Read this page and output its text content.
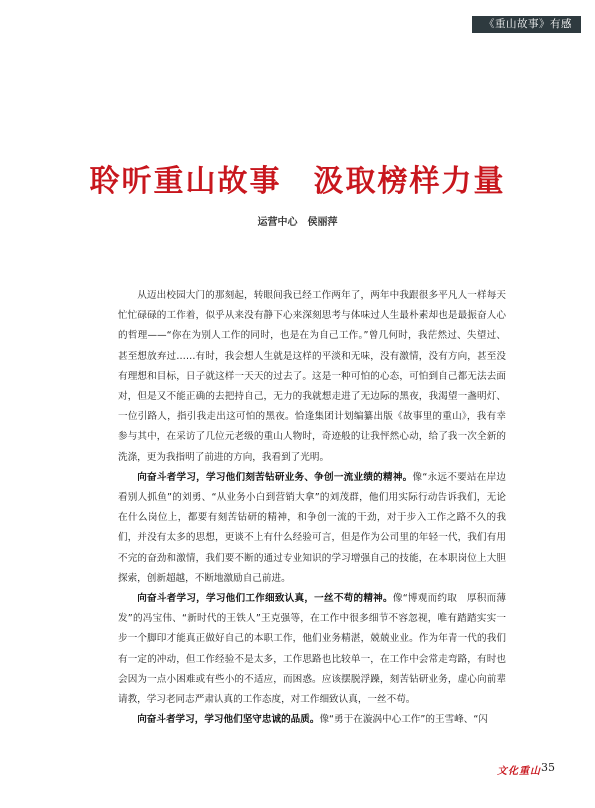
《重山故事》有感
聆听重山故事　汲取榜样力量
运营中心　侯丽萍

从迈出校园大门的那刻起，转眼间我已经工作两年了，两年中我跟很多平凡人一样每天忙忙碌碌的工作着，似乎从来没有静下心来深刻思考与体味过人生最朴素却也是最振奋人心的哲理——“你在为别人工作的同时，也是在为自己工作。”曾几何时，我茫然过、失望过、甚至想放弃过……有时，我会想人生就是这样的平淡和无味，没有激情，没有方向，甚至没有理想和目标，日子就这样一天天的过去了。这是一种可怕的心态，可怕到自己都无法去面对，但是又不能正确的去把持自己，无力的我就想走进了无边际的黑夜，我渴望一盏明灯、一位引路人，指引我走出这可怕的黑夜。恰逢集团计划编纂出版《故事里的重山》，我有幸参与其中，在采访了几位元老级的重山人物时，奇迹般的让我怦然心动，给了我一次全新的洗涤，更为我指明了前进的方向，我看到了光明。

向奋斗者学习，学习他们刻苦钻研业务、争创一流业绩的精神。像“永远不要站在岸边看别人抓鱼”的刘勇、“从业务小白到营销大拿”的刘茂群，他们用实际行动告诉我们，无论在什么岗位上，都要有刻苦钻研的精神，和争创一流的干劲，对于步入工作之路不久的我们，并没有太多的思想，更谈不上有什么经验可言，但是作为公司里的年轻一代，我们有用不完的奋劲和激情，我们要不断的通过专业知识的学习增强自己的技能，在本职岗位上大胆探索，创新超越，不断地激励自己前进。

向奋斗者学习，学习他们工作细致认真，一丝不苟的精神。像“博观而约取　厚积而薄发”的冯宝伟、“新时代的王铁人”王克强等，在工作中很多细节不容忽视，唯有踏踏实实一步一个脚印才能真正做好自己的本职工作，他们业务精湛，兢兢业业。作为年青一代的我们有一定的冲动，但工作经验不是太多，工作思路也比较单一，在工作中会常走弯路，有时也会因为一点小困难或有些小的不适应，而困惑。应该摆脱浮躁，刻苦钻研业务，虚心向前辈请教，学习老同志严肃认真的工作态度，对工作细致认真，一丝不苟。

向奋斗者学习，学习他们坚守忠诚的品质。像“勇于在漩涡中心工作”的王雪峰、“闪

文化重山 35
